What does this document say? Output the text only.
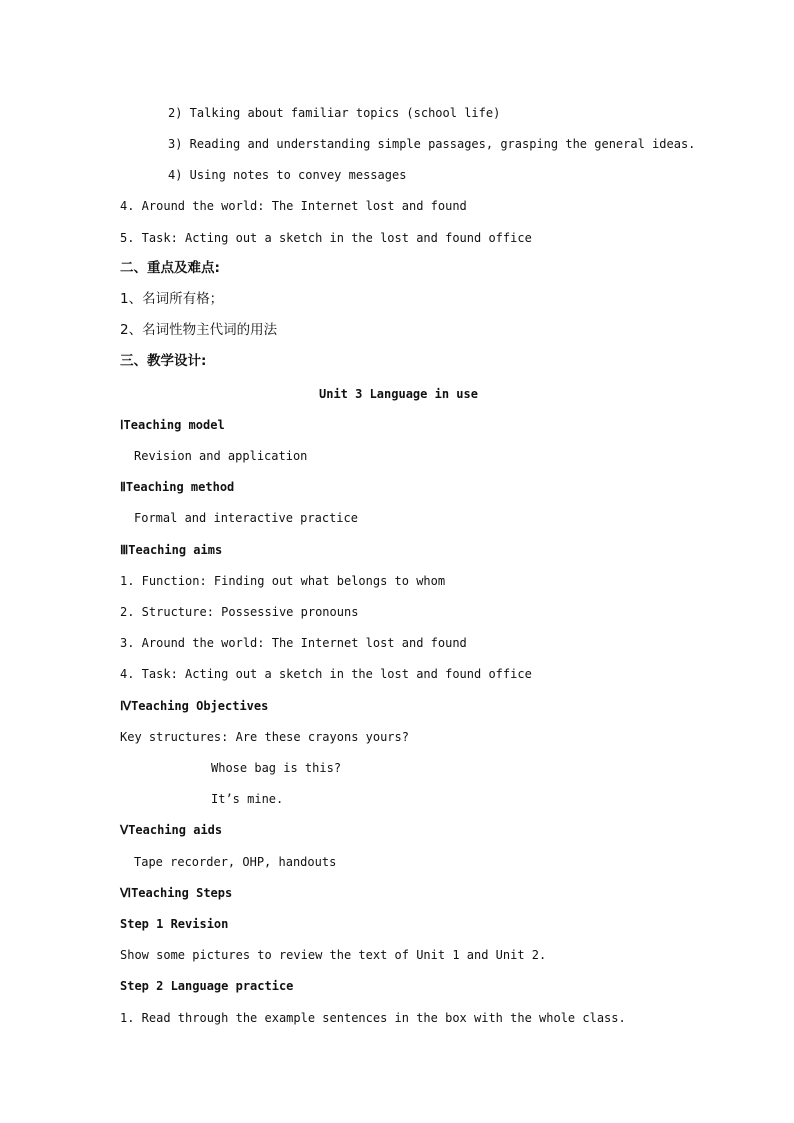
2) Talking about familiar topics (school life)
3) Reading and understanding simple passages, grasping the general ideas.
4) Using notes to convey messages
4. Around the world: The Internet lost and found
5. Task: Acting out a sketch in the lost and found office
二、重点及难点:
1、名词所有格；
2、名词性物主代词的用法
三、教学设计:
Unit 3 Language in use
ⅠTeaching model
Revision and application
ⅡTeaching method
Formal and interactive practice
ⅢTeaching aims
1. Function: Finding out what belongs to whom
2. Structure: Possessive pronouns
3. Around the world: The Internet lost and found
4. Task: Acting out a sketch in the lost and found office
ⅣTeaching Objectives
Key structures: Are these crayons yours?
Whose bag is this?
It’s mine.
ⅤTeaching aids
Tape recorder, OHP, handouts
ⅥTeaching Steps
Step 1 Revision
Show some pictures to review the text of Unit 1 and Unit 2.
Step 2 Language practice
1. Read through the example sentences in the box with the whole class.
